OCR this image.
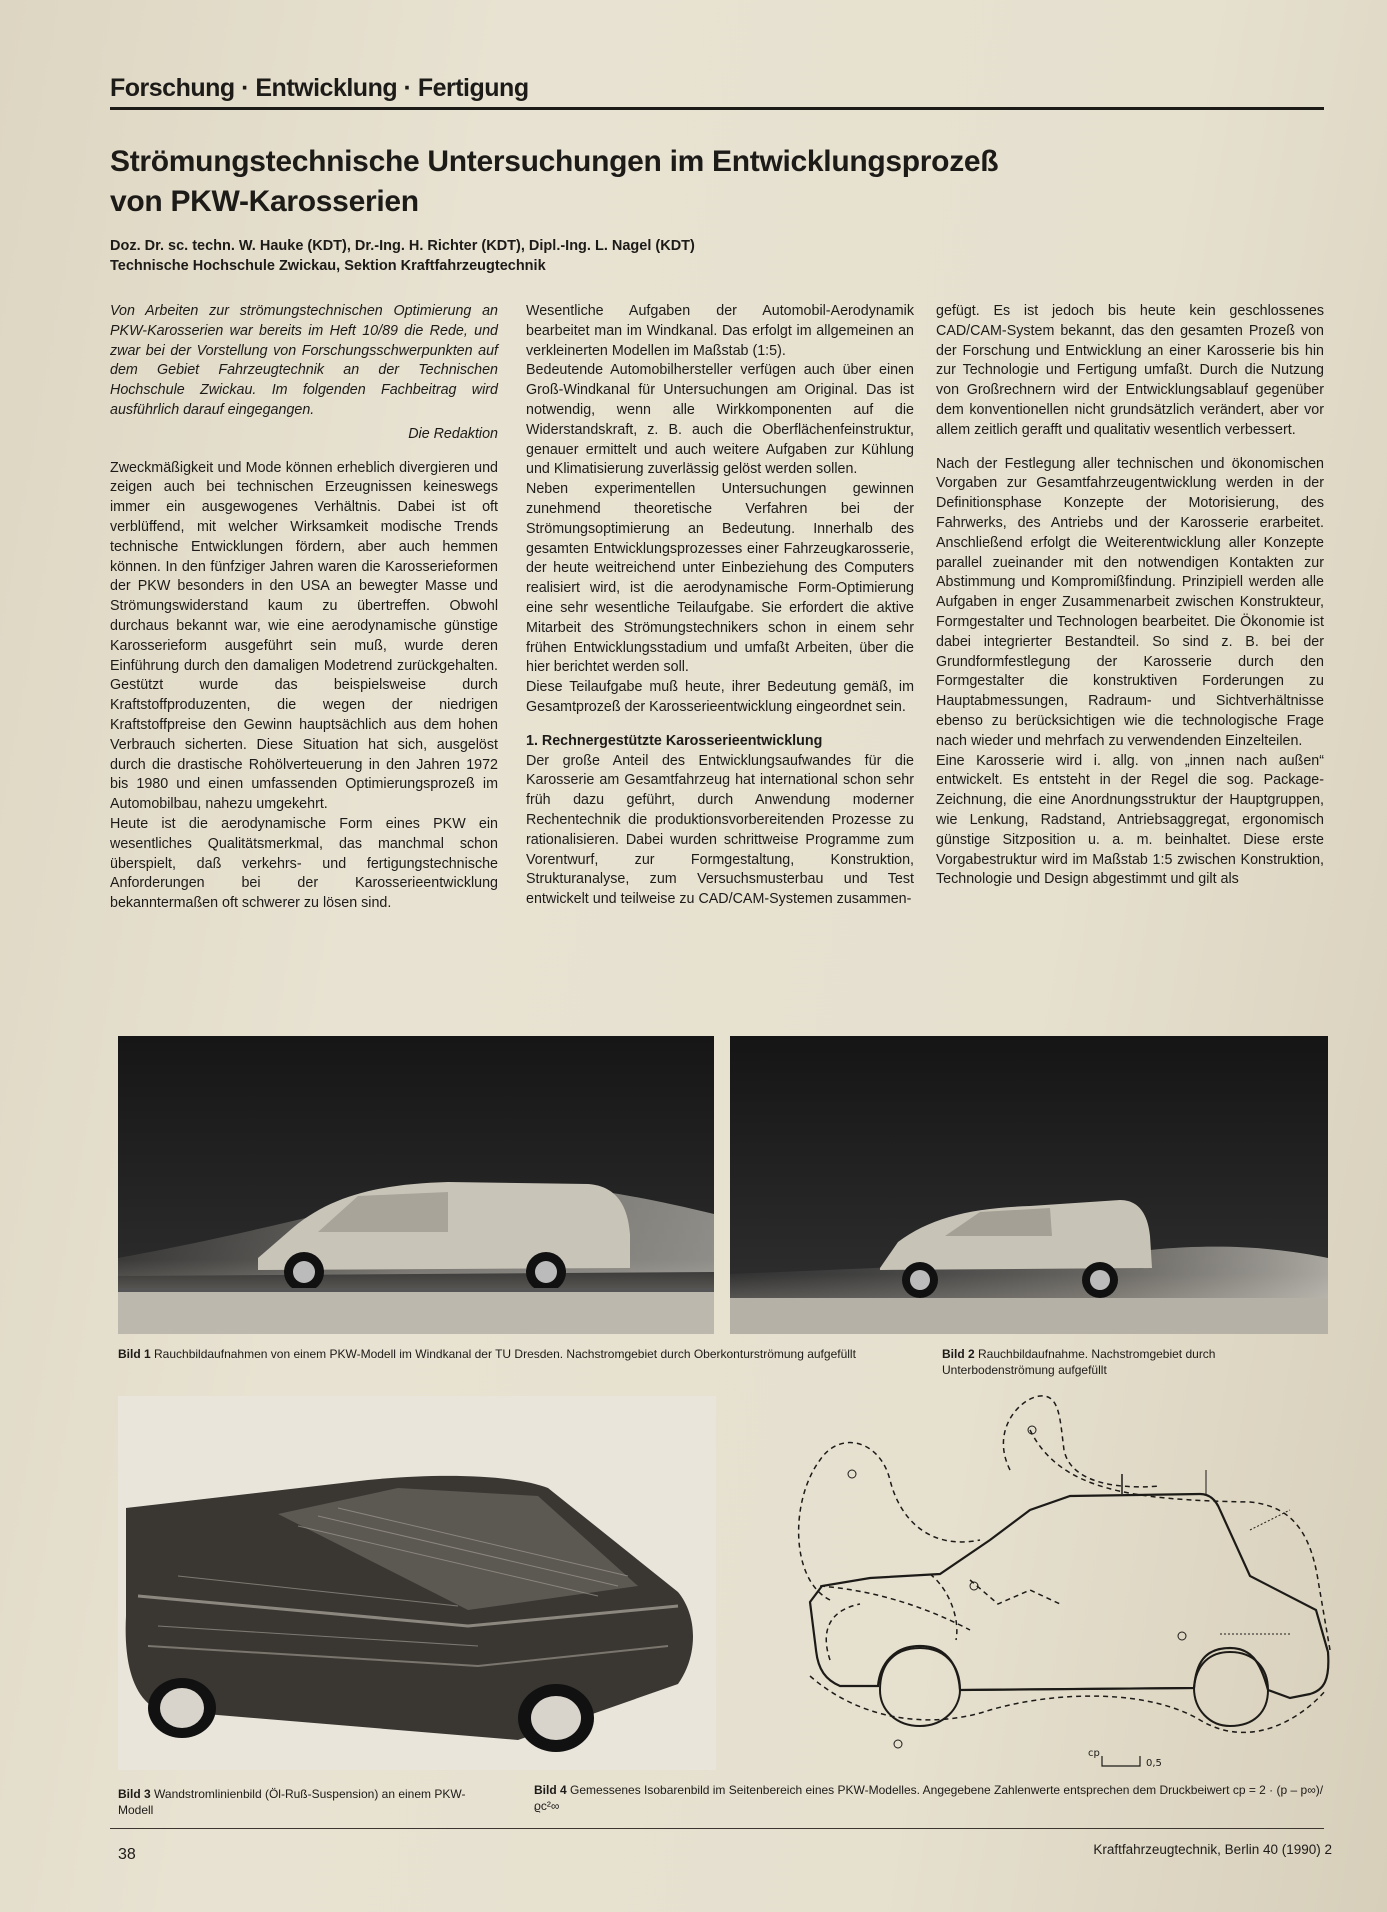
Forschung · Entwicklung · Fertigung
Strömungstechnische Untersuchungen im Entwicklungsprozeß
von PKW-Karosserien
Doz. Dr. sc. techn. W. Hauke (KDT), Dr.-Ing. H. Richter (KDT), Dipl.-Ing. L. Nagel (KDT)
Technische Hochschule Zwickau, Sektion Kraftfahrzeugtechnik

Von Arbeiten zur strömungstechnischen Optimierung an PKW-Karosserien war bereits im Heft 10/89 die Rede, und zwar bei der Vorstellung von Forschungsschwerpunkten auf dem Gebiet Fahrzeugtechnik an der Technischen Hochschule Zwickau. Im folgenden Fachbeitrag wird ausführlich darauf eingegangen.

Die Redaktion

Zweckmäßigkeit und Mode können erheblich divergieren und zeigen auch bei technischen Erzeugnissen keineswegs immer ein ausgewogenes Verhältnis. Dabei ist oft verblüffend, mit welcher Wirksamkeit modische Trends technische Entwicklungen fördern, aber auch hemmen können. In den fünfziger Jahren waren die Karosserieformen der PKW besonders in den USA an bewegter Masse und Strömungswiderstand kaum zu übertreffen. Obwohl durchaus bekannt war, wie eine aerodynamische günstige Karosserieform ausgeführt sein muß, wurde deren Einführung durch den damaligen Modetrend zurückgehalten. Gestützt wurde das beispielsweise durch Kraftstoffproduzenten, die wegen der niedrigen Kraftstoffpreise den Gewinn hauptsächlich aus dem hohen Verbrauch sicherten. Diese Situation hat sich, ausgelöst durch die drastische Rohölverteuerung in den Jahren 1972 bis 1980 und einen umfassenden Optimierungsprozeß im Automobilbau, nahezu umgekehrt.

Heute ist die aerodynamische Form eines PKW ein wesentliches Qualitätsmerkmal, das manchmal schon überspielt, daß verkehrs- und fertigungstechnische Anforderungen bei der Karosserieentwicklung bekanntermaßen oft schwerer zu lösen sind.

Wesentliche Aufgaben der Automobil-Aerodynamik bearbeitet man im Windkanal. Das erfolgt im allgemeinen an verkleinerten Modellen im Maßstab (1:5).

Bedeutende Automobilhersteller verfügen auch über einen Groß-Windkanal für Untersuchungen am Original. Das ist notwendig, wenn alle Wirkkomponenten auf die Widerstandskraft, z. B. auch die Oberflächenfeinstruktur, genauer ermittelt und auch weitere Aufgaben zur Kühlung und Klimatisierung zuverlässig gelöst werden sollen.

Neben experimentellen Untersuchungen gewinnen zunehmend theoretische Verfahren bei der Strömungsoptimierung an Bedeutung. Innerhalb des gesamten Entwicklungsprozesses einer Fahrzeugkarosserie, der heute weitreichend unter Einbeziehung des Computers realisiert wird, ist die aerodynamische Form-Optimierung eine sehr wesentliche Teilaufgabe. Sie erfordert die aktive Mitarbeit des Strömungstechnikers schon in einem sehr frühen Entwicklungsstadium und umfaßt Arbeiten, über die hier berichtet werden soll.

Diese Teilaufgabe muß heute, ihrer Bedeutung gemäß, im Gesamtprozeß der Karosserieentwicklung eingeordnet sein.

1. Rechnergestützte Karosserieentwicklung

Der große Anteil des Entwicklungsaufwandes für die Karosserie am Gesamtfahrzeug hat international schon sehr früh dazu geführt, durch Anwendung moderner Rechentechnik die produktionsvorbereitenden Prozesse zu rationalisieren. Dabei wurden schrittweise Programme zum Vorentwurf, zur Formgestaltung, Konstruktion, Strukturanalyse, zum Versuchsmusterbau und Test entwickelt und teilweise zu CAD/CAM-Systemen zusammen-

gefügt. Es ist jedoch bis heute kein geschlossenes CAD/CAM-System bekannt, das den gesamten Prozeß von der Forschung und Entwicklung an einer Karosserie bis hin zur Technologie und Fertigung umfaßt. Durch die Nutzung von Großrechnern wird der Entwicklungsablauf gegenüber dem konventionellen nicht grundsätzlich verändert, aber vor allem zeitlich gerafft und qualitativ wesentlich verbessert.

Nach der Festlegung aller technischen und ökonomischen Vorgaben zur Gesamtfahrzeugentwicklung werden in der Definitionsphase Konzepte der Motorisierung, des Fahrwerks, des Antriebs und der Karosserie erarbeitet. Anschließend erfolgt die Weiterentwicklung aller Konzepte parallel zueinander mit den notwendigen Kontakten zur Abstimmung und Kompromißfindung. Prinzipiell werden alle Aufgaben in enger Zusammenarbeit zwischen Konstrukteur, Formgestalter und Technologen bearbeitet. Die Ökonomie ist dabei integrierter Bestandteil. So sind z. B. bei der Grundformfestlegung der Karosserie durch den Formgestalter die konstruktiven Forderungen zu Hauptabmessungen, Radraum- und Sichtverhältnisse ebenso zu berücksichtigen wie die technologische Frage nach wieder und mehrfach zu verwendenden Einzelteilen.

Eine Karosserie wird i. allg. von „innen nach außen“ entwickelt. Es entsteht in der Regel die sog. Package-Zeichnung, die eine Anordnungsstruktur der Hauptgruppen, wie Lenkung, Radstand, Antriebsaggregat, ergonomisch günstige Sitzposition u. a. m. beinhaltet. Diese erste Vorgabestruktur wird im Maßstab 1:5 zwischen Konstruktion, Technologie und Design abgestimmt und gilt als

Bild 1 Rauchbildaufnahmen von einem PKW-Modell im Windkanal der TU Dresden. Nachstromgebiet durch Oberkonturströmung aufgefüllt	Bild 2 Rauchbildaufnahme. Nachstromgebiet durch Unterbodenströmung aufgefüllt
cp
0,5
Bild 3 Wandstromlinienbild (Öl-Ruß-Suspension) an einem PKW-Modell
Bild 4 Gemessenes Isobarenbild im Seitenbereich eines PKW-Modelles. Angegebene Zahlenwerte entsprechen dem Druckbeiwert cp = 2 · (p – p∞)/ϱc²∞
38	Kraftfahrzeugtechnik, Berlin 40 (1990) 2
